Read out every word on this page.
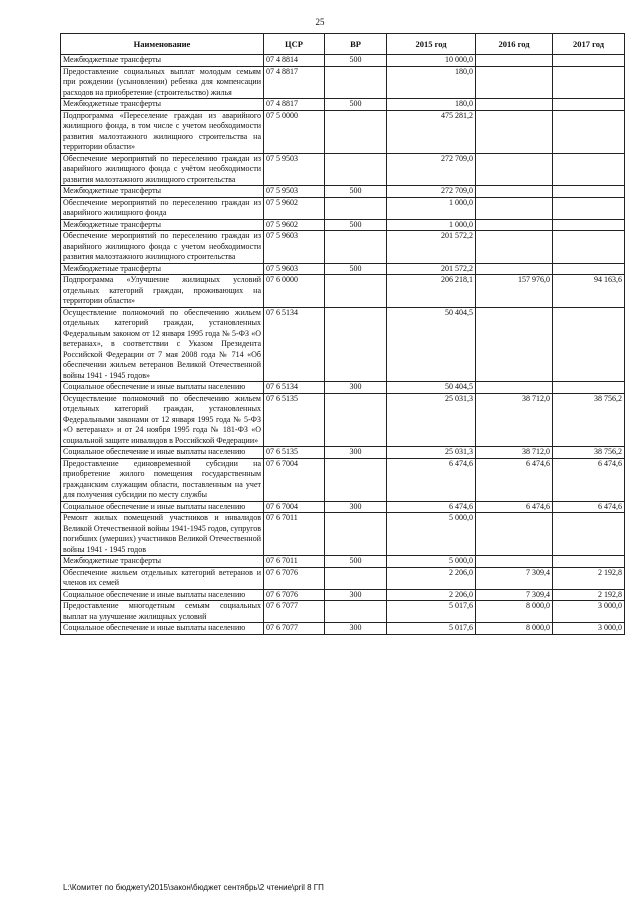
25
Наименование	ЦСР	ВР	2015 год	2016 год	2017 год
Межбюджетные трансферты	07 4 8814	500	10 000,0		
Предоставление социальных выплат молодым семьям при рождении (усыновлении) ребенка для компенсации расходов на приобретение (строительство) жилья	07 4 8817		180,0		
Межбюджетные трансферты	07 4 8817	500	180,0		
Подпрограмма «Переселение граждан из аварийного жилищного фонда, в том числе с учетом необходимости развития малоэтажного жилищного строительства на территории области»	07 5 0000		475 281,2		
Обеспечение мероприятий по переселению граждан из аварийного жилищного фонда с учётом необходимости развития малоэтажного жилищного строительства	07 5 9503		272 709,0		
Межбюджетные трансферты	07 5 9503	500	272 709,0		
Обеспечение мероприятий по переселению граждан из аварийного жилищного фонда	07 5 9602		1 000,0		
Межбюджетные трансферты	07 5 9602	500	1 000,0		
Обеспечение мероприятий по переселению граждан из аварийного жилищного фонда с учетом необходимости развития малоэтажного жилищного строительства	07 5 9603		201 572,2		
Межбюджетные трансферты	07 5 9603	500	201 572,2		
Подпрограмма «Улучшение жилищных условий отдельных категорий граждан, проживающих на территории области»	07 6 0000		206 218,1	157 976,0	94 163,6
Осуществление полномочий по обеспечению жильем отдельных категорий граждан, установленных Федеральным законом от 12 января 1995 года № 5-ФЗ «О ветеранах», в соответствии с Указом Президента Российской Федерации от 7 мая 2008 года № 714 «Об обеспечении жильем ветеранов Великой Отечественной войны 1941 - 1945 годов»	07 6 5134		50 404,5		
Социальное обеспечение и иные выплаты населению	07 6 5134	300	50 404,5		
Осуществление полномочий по обеспечению жильем отдельных категорий граждан, установленных Федеральными законами от 12 января 1995 года № 5-ФЗ «О ветеранах» и от 24 ноября 1995 года № 181-ФЗ «О социальной защите инвалидов в Российской Федерации»	07 6 5135		25 031,3	38 712,0	38 756,2
Социальное обеспечение и иные выплаты населению	07 6 5135	300	25 031,3	38 712,0	38 756,2
Предоставление единовременной субсидии на приобретение жилого помещения государственным гражданским служащим области, поставленным на учет для получения субсидии по месту службы	07 6 7004		6 474,6	6 474,6	6 474,6
Социальное обеспечение и иные выплаты населению	07 6 7004	300	6 474,6	6 474,6	6 474,6
Ремонт жилых помещений участников и инвалидов Великой Отечественной войны 1941-1945 годов, супругов погибших (умерших) участников Великой Отечественной войны 1941 - 1945 годов	07 6 7011		5 000,0		
Межбюджетные трансферты	07 6 7011	500	5 000,0		
Обеспечение жильем отдельных категорий ветеранов и членов их семей	07 6 7076		2 206,0	7 309,4	2 192,8
Социальное обеспечение и иные выплаты населению	07 6 7076	300	2 206,0	7 309,4	2 192,8
Предоставление многодетным семьям социальных выплат на улучшение жилищных условий	07 6 7077		5 017,6	8 000,0	3 000,0
Социальное обеспечение и иные выплаты населению	07 6 7077	300	5 017,6	8 000,0	3 000,0
L:\Комитет по бюджету\2015\закон\бюджет сентябрь\2 чтение\pril 8 ГП
